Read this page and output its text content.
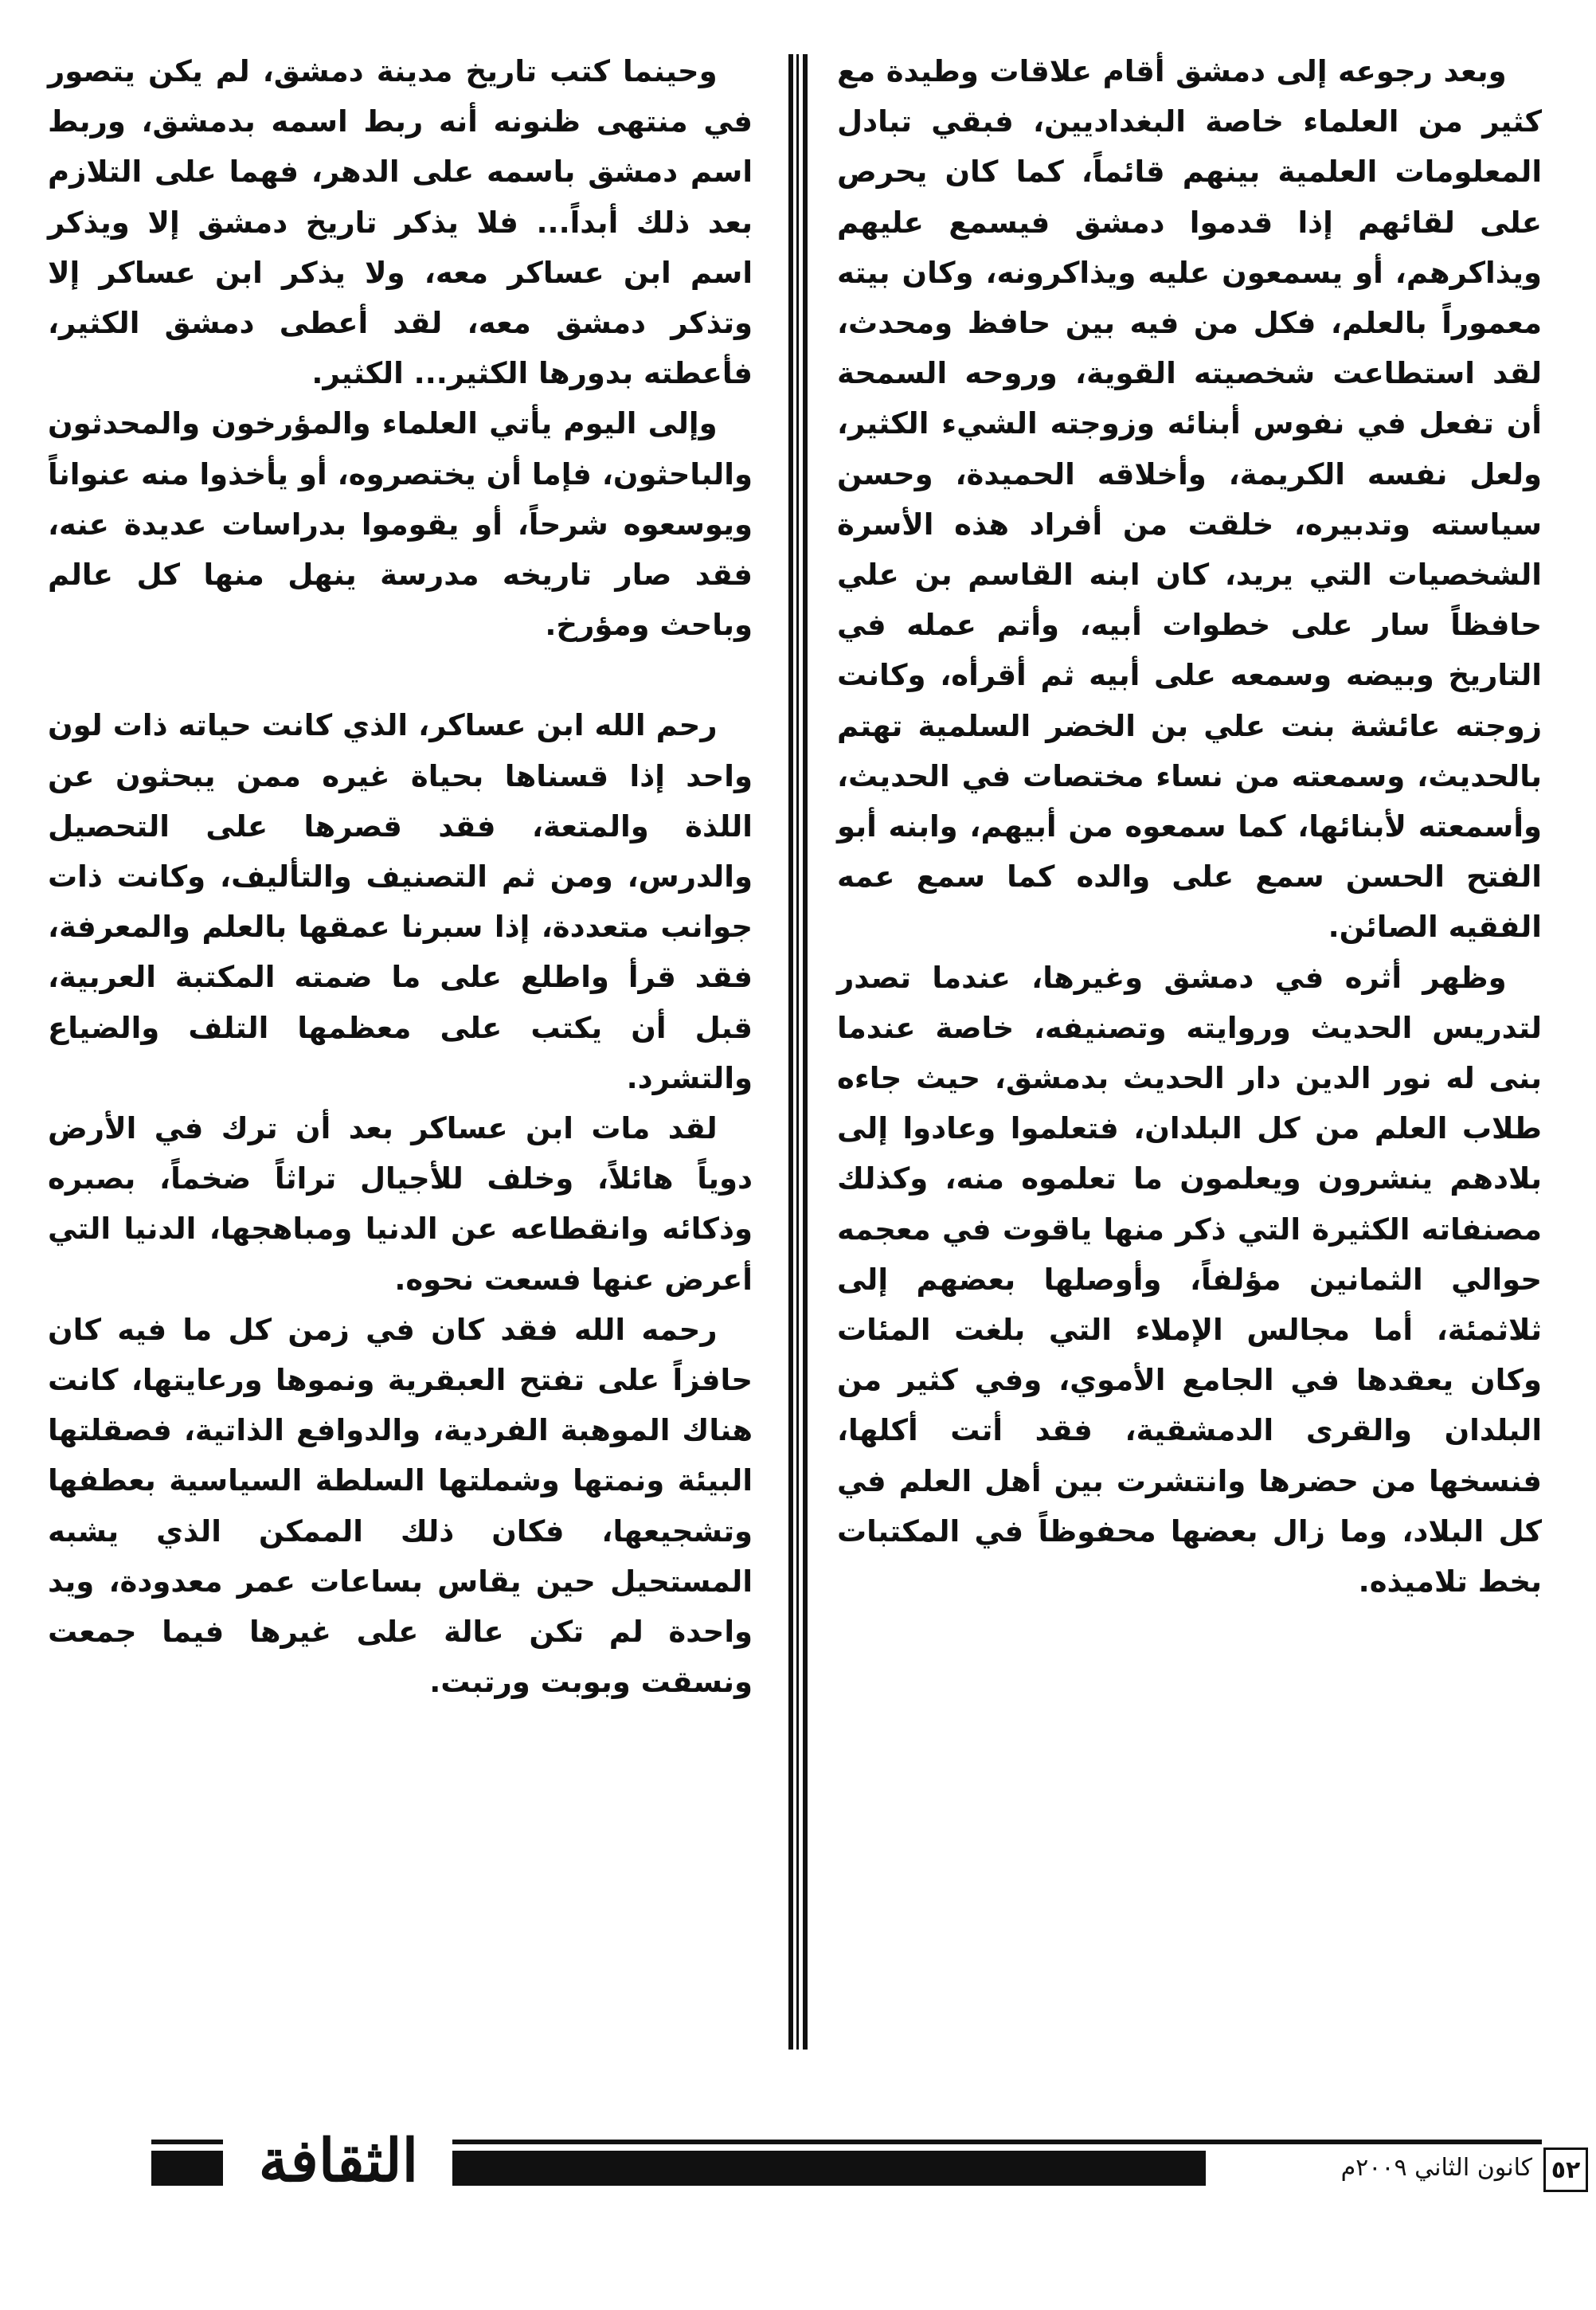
وبعد رجوعه إلى دمشق أقام علاقات وطيدة مع كثير من العلماء خاصة البغداديين، فبقي تبادل المعلومات العلمية بينهم قائماً، كما كان يحرص على لقائهم إذا قدموا دمشق فيسمع عليهم ويذاكرهم، أو يسمعون عليه ويذاكرونه، وكان بيته معموراً بالعلم، فكل من فيه بين حافظ ومحدث، لقد استطاعت شخصيته القوية، وروحه السمحة أن تفعل في نفوس أبنائه وزوجته الشيء الكثير، ولعل نفسه الكريمة، وأخلاقه الحميدة، وحسن سياسته وتدبيره، خلقت من أفراد هذه الأسرة الشخصيات التي يريد، كان ابنه القاسم بن علي حافظاً سار على خطوات أبيه، وأتم عمله في التاريخ وبيضه وسمعه على أبيه ثم أقرأه، وكانت زوجته عائشة بنت علي بن الخضر السلمية تهتم بالحديث، وسمعته من نساء مختصات في الحديث، وأسمعته لأبنائها، كما سمعوه من أبيهم، وابنه أبو الفتح الحسن سمع على والده كما سمع عمه الفقيه الصائن.

وظهر أثره في دمشق وغيرها، عندما تصدر لتدريس الحديث وروايته وتصنيفه، خاصة عندما بنى له نور الدين دار الحديث بدمشق، حيث جاءه طلاب العلم من كل البلدان، فتعلموا وعادوا إلى بلادهم ينشرون ويعلمون ما تعلموه منه، وكذلك مصنفاته الكثيرة التي ذكر منها ياقوت في معجمه حوالي الثمانين مؤلفاً، وأوصلها بعضهم إلى ثلاثمئة، أما مجالس الإملاء التي بلغت المئات وكان يعقدها في الجامع الأموي، وفي كثير من البلدان والقرى الدمشقية، فقد أتت أكلها، فنسخها من حضرها وانتشرت بين أهل العلم في كل البلاد، وما زال بعضها محفوظاً في المكتبات بخط تلاميذه.

وحينما كتب تاريخ مدينة دمشق، لم يكن يتصور في منتهى ظنونه أنه ربط اسمه بدمشق، وربط اسم دمشق باسمه على الدهر، فهما على التلازم بعد ذلك أبداً... فلا يذكر تاريخ دمشق إلا ويذكر اسم ابن عساكر معه، ولا يذكر ابن عساكر إلا وتذكر دمشق معه، لقد أعطى دمشق الكثير، فأعطته بدورها الكثير... الكثير.

وإلى اليوم يأتي العلماء والمؤرخون والمحدثون والباحثون، فإما أن يختصروه، أو يأخذوا منه عنواناً ويوسعوه شرحاً، أو يقوموا بدراسات عديدة عنه، فقد صار تاريخه مدرسة ينهل منها كل عالم وباحث ومؤرخ.

رحم الله ابن عساكر، الذي كانت حياته ذات لون واحد إذا قسناها بحياة غيره ممن يبحثون عن اللذة والمتعة، فقد قصرها على التحصيل والدرس، ومن ثم التصنيف والتأليف، وكانت ذات جوانب متعددة، إذا سبرنا عمقها بالعلم والمعرفة، فقد قرأ واطلع على ما ضمته المكتبة العربية، قبل أن يكتب على معظمها التلف والضياع والتشرد.

لقد مات ابن عساكر بعد أن ترك في الأرض دوياً هائلاً، وخلف للأجيال تراثاً ضخماً، بصبره وذكائه وانقطاعه عن الدنيا ومباهجها، الدنيا التي أعرض عنها فسعت نحوه.

رحمه الله فقد كان في زمن كل ما فيه كان حافزاً على تفتح العبقرية ونموها ورعايتها، كانت هناك الموهبة الفردية، والدوافع الذاتية، فصقلتها البيئة ونمتها وشملتها السلطة السياسية بعطفها وتشجيعها، فكان ذلك الممكن الذي يشبه المستحيل حين يقاس بساعات عمر معدودة، ويد واحدة لم تكن عالة على غيرها فيما جمعت ونسقت وبوبت ورتبت.

٥٢
كانون الثاني ٢٠٠٩م
الثقافة
